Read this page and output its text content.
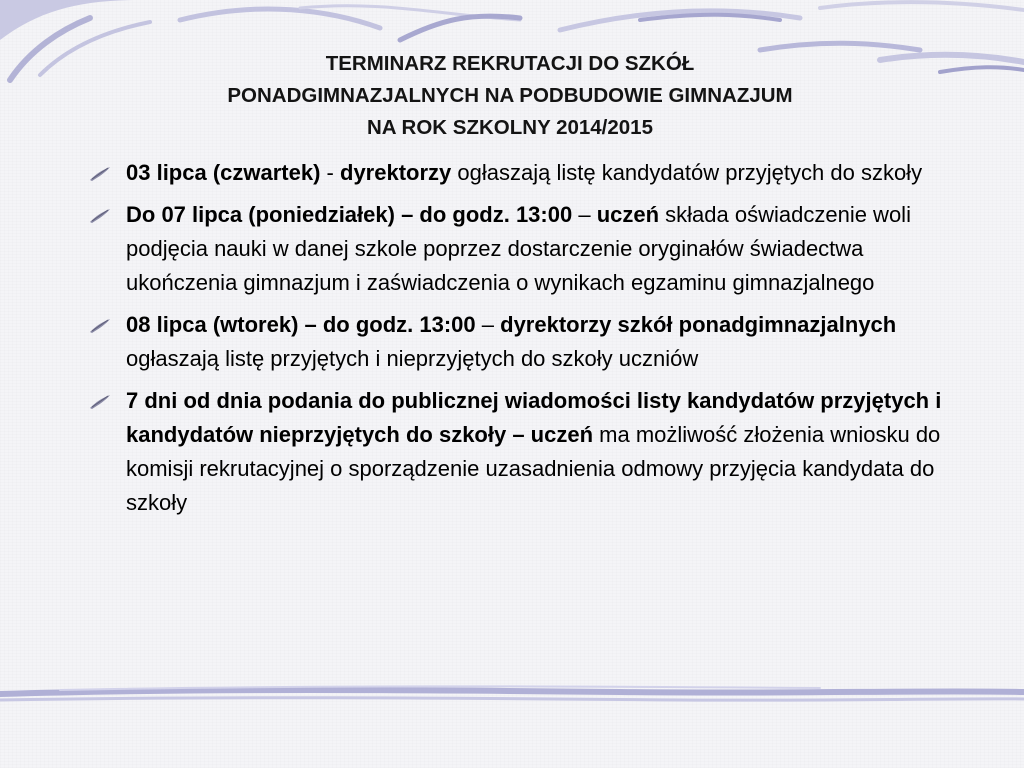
TERMINARZ REKRUTACJI DO SZKÓŁ
PONADGIMNAZJALNYCH NA PODBUDOWIE GIMNAZJUM
NA ROK SZKOLNY 2014/2015
03 lipca (czwartek) - dyrektorzy ogłaszają listę kandydatów przyjętych do szkoły
Do 07 lipca (poniedziałek) – do godz. 13:00 – uczeń składa oświadczenie woli podjęcia nauki w danej szkole poprzez dostarczenie oryginałów świadectwa ukończenia gimnazjum i zaświadczenia o wynikach egzaminu gimnazjalnego
08 lipca (wtorek) – do godz. 13:00 – dyrektorzy szkół ponadgimnazjalnych ogłaszają listę przyjętych i nieprzyjętych do szkoły uczniów
7 dni od dnia podania do publicznej wiadomości listy kandydatów przyjętych i kandydatów nieprzyjętych do szkoły – uczeń ma możliwość złożenia wniosku do komisji rekrutacyjnej o sporządzenie uzasadnienia odmowy przyjęcia kandydata do szkoły
